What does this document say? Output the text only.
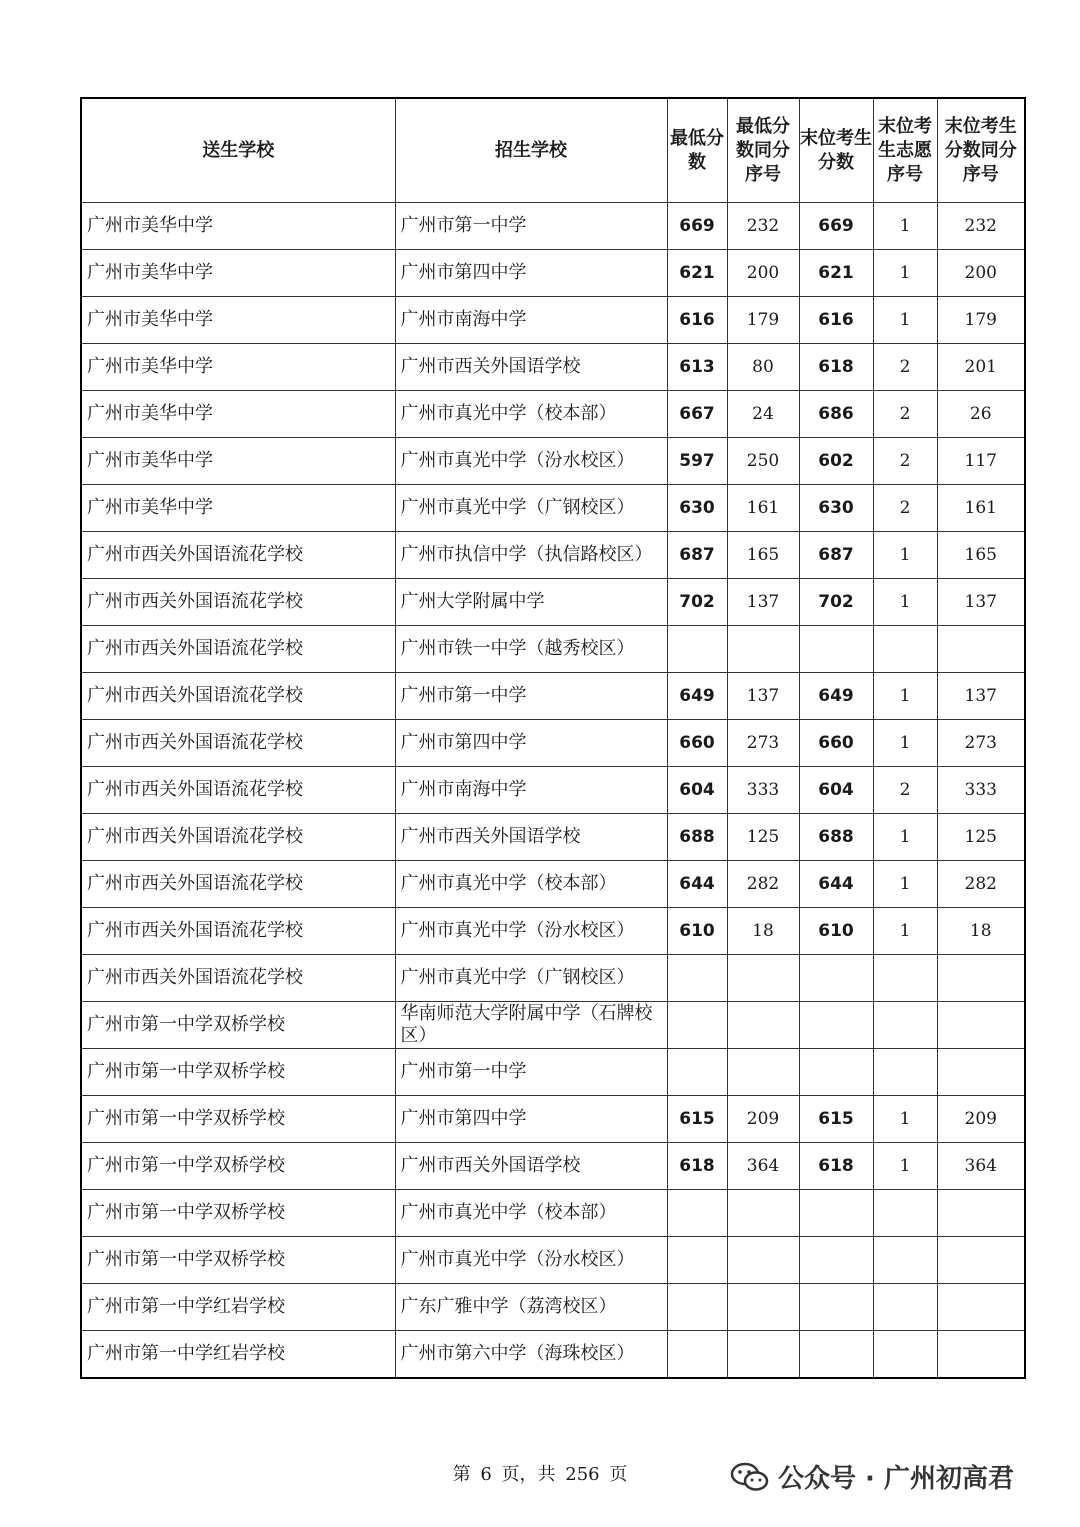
送生学校	招生学校	最低分数	最低分数同分序号	末位考生分数	末位考生志愿序号	末位考生分数同分序号
广州市美华中学	广州市第一中学	669	232	669	1	232
广州市美华中学	广州市第四中学	621	200	621	1	200
广州市美华中学	广州市南海中学	616	179	616	1	179
广州市美华中学	广州市西关外国语学校	613	80	618	2	201
广州市美华中学	广州市真光中学（校本部）	667	24	686	2	26
广州市美华中学	广州市真光中学（汾水校区）	597	250	602	2	117
广州市美华中学	广州市真光中学（广钢校区）	630	161	630	2	161
广州市西关外国语流花学校	广州市执信中学（执信路校区）	687	165	687	1	165
广州市西关外国语流花学校	广州大学附属中学	702	137	702	1	137
广州市西关外国语流花学校	广州市铁一中学（越秀校区）					
广州市西关外国语流花学校	广州市第一中学	649	137	649	1	137
广州市西关外国语流花学校	广州市第四中学	660	273	660	1	273
广州市西关外国语流花学校	广州市南海中学	604	333	604	2	333
广州市西关外国语流花学校	广州市西关外国语学校	688	125	688	1	125
广州市西关外国语流花学校	广州市真光中学（校本部）	644	282	644	1	282
广州市西关外国语流花学校	广州市真光中学（汾水校区）	610	18	610	1	18
广州市西关外国语流花学校	广州市真光中学（广钢校区）					
广州市第一中学双桥学校	华南师范大学附属中学（石牌校区）					
广州市第一中学双桥学校	广州市第一中学					
广州市第一中学双桥学校	广州市第四中学	615	209	615	1	209
广州市第一中学双桥学校	广州市西关外国语学校	618	364	618	1	364
广州市第一中学双桥学校	广州市真光中学（校本部）					
广州市第一中学双桥学校	广州市真光中学（汾水校区）					
广州市第一中学红岩学校	广东广雅中学（荔湾校区）					
广州市第一中学红岩学校	广州市第六中学（海珠校区）					
第 6 页，共 256 页	公众号 · 广州初高君
